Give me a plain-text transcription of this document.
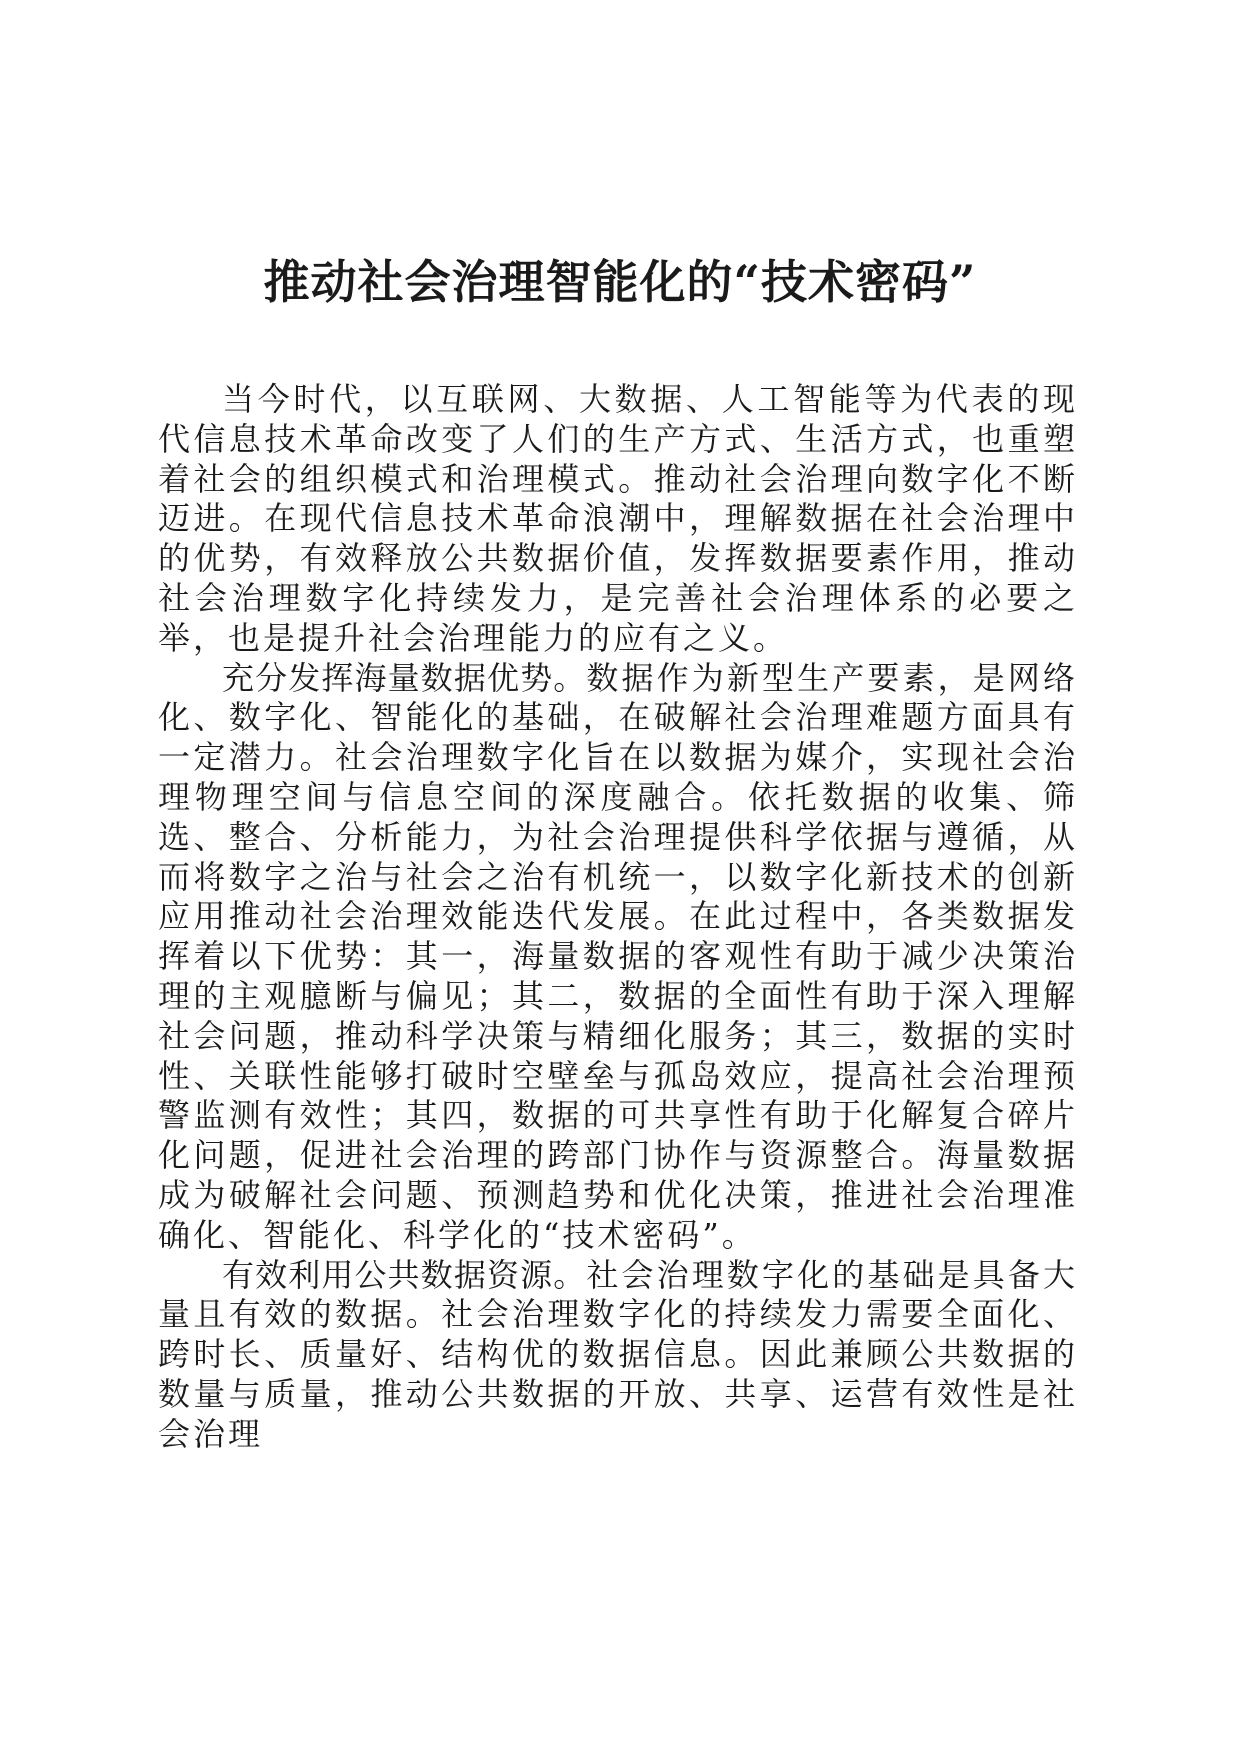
推动社会治理智能化的“技术密码”

当今时代，以互联网、大数据、人工智能等为代表的现代信息技术革命改变了人们的生产方式、生活方式，也重塑着社会的组织模式和治理模式。推动社会治理向数字化不断迈进。在现代信息技术革命浪潮中，理解数据在社会治理中的优势，有效释放公共数据价值，发挥数据要素作用，推动社会治理数字化持续发力，是完善社会治理体系的必要之举，也是提升社会治理能力的应有之义。

充分发挥海量数据优势。数据作为新型生产要素，是网络化、数字化、智能化的基础，在破解社会治理难题方面具有一定潜力。社会治理数字化旨在以数据为媒介，实现社会治理物理空间与信息空间的深度融合。依托数据的收集、筛选、整合、分析能力，为社会治理提供科学依据与遵循，从而将数字之治与社会之治有机统一，以数字化新技术的创新应用推动社会治理效能迭代发展。在此过程中，各类数据发挥着以下优势：其一，海量数据的客观性有助于减少决策治理的主观臆断与偏见；其二，数据的全面性有助于深入理解社会问题，推动科学决策与精细化服务；其三，数据的实时性、关联性能够打破时空壁垒与孤岛效应，提高社会治理预警监测有效性；其四，数据的可共享性有助于化解复合碎片化问题，促进社会治理的跨部门协作与资源整合。海量数据成为破解社会问题、预测趋势和优化决策，推进社会治理准确化、智能化、科学化的“技术密码”。

有效利用公共数据资源。社会治理数字化的基础是具备大量且有效的数据。社会治理数字化的持续发力需要全面化、跨时长、质量好、结构优的数据信息。因此兼顾公共数据的数量与质量，推动公共数据的开放、共享、运营有效性是社会治理
